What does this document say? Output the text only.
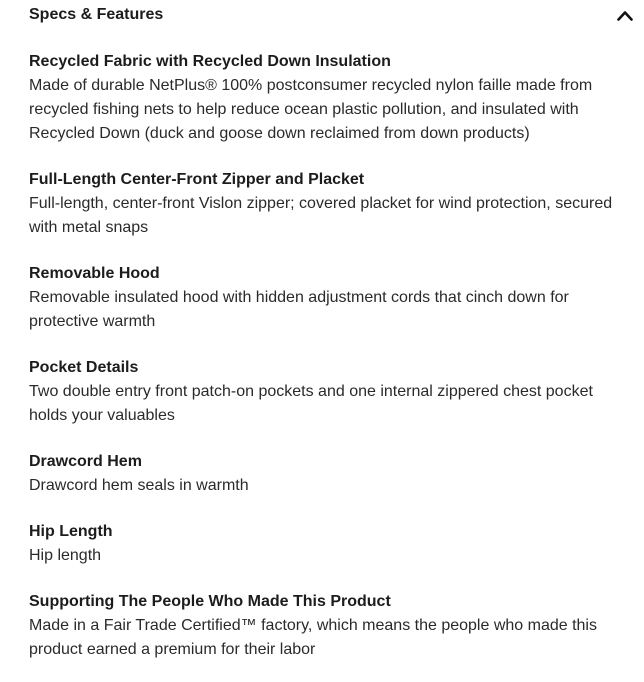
Specs & Features
Recycled Fabric with Recycled Down Insulation
Made of durable NetPlus® 100% postconsumer recycled nylon faille made from recycled fishing nets to help reduce ocean plastic pollution, and insulated with Recycled Down (duck and goose down reclaimed from down products)
Full-Length Center-Front Zipper and Placket
Full-length, center-front Vislon zipper; covered placket for wind protection, secured with metal snaps
Removable Hood
Removable insulated hood with hidden adjustment cords that cinch down for protective warmth
Pocket Details
Two double entry front patch-on pockets and one internal zippered chest pocket holds your valuables
Drawcord Hem
Drawcord hem seals in warmth
Hip Length
Hip length
Supporting The People Who Made This Product
Made in a Fair Trade Certified™ factory, which means the people who made this product earned a premium for their labor
